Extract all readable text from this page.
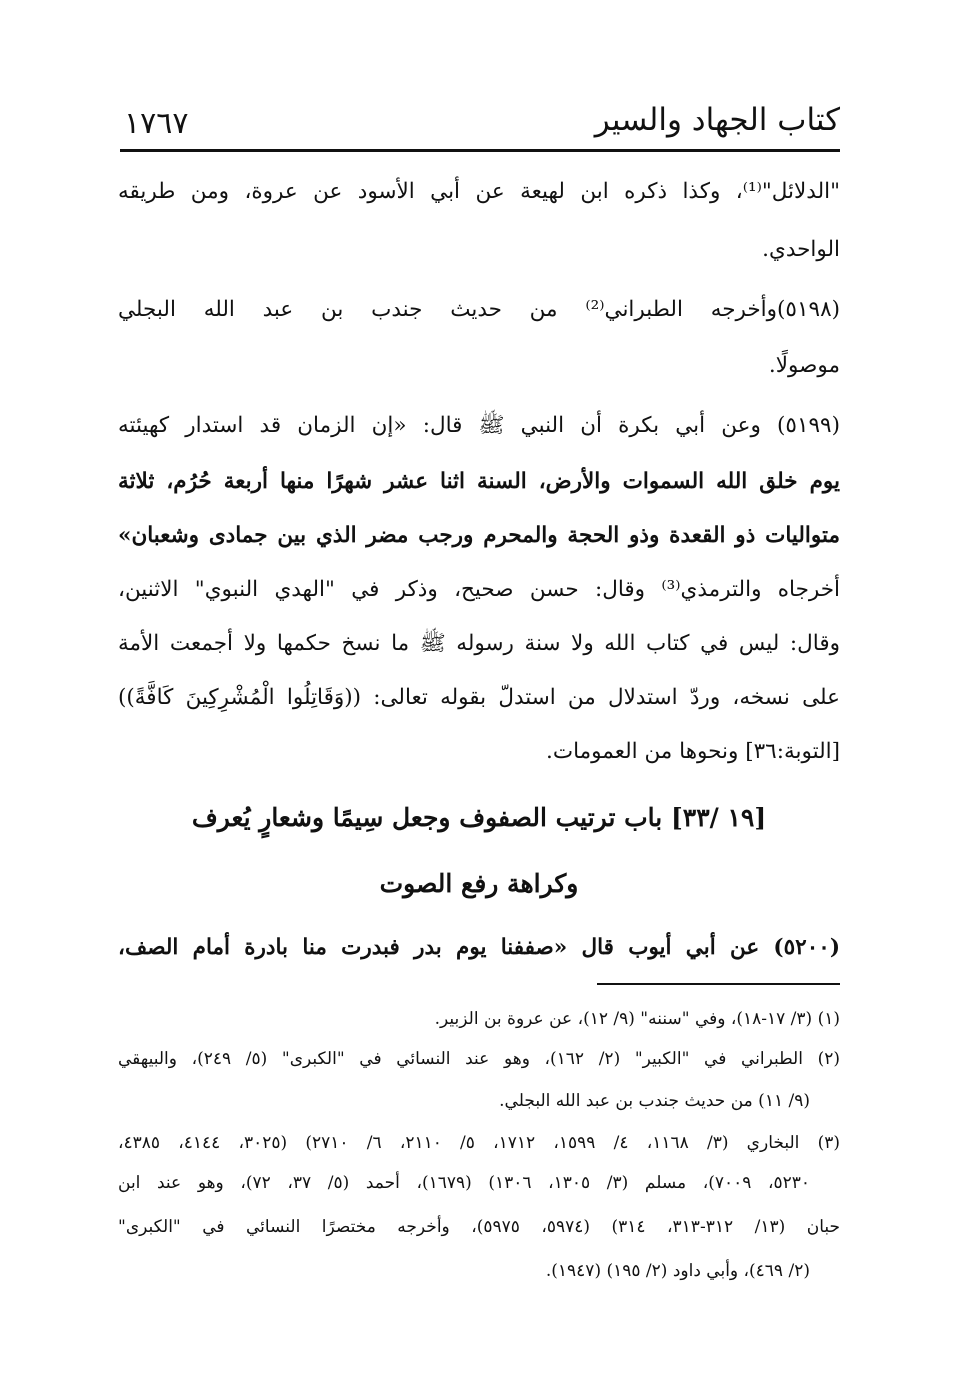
كتاب الجهاد والسير
١٧٦٧
"الدلائل"⁽¹⁾، وكذا ذكره ابن لهيعة عن أبي الأسود عن عروة، ومن طريقه
الواحدي.
(٥١٩٨)وأخرجه الطبراني⁽²⁾ من حديث جندب بن عبد الله البجلي
موصولًا.
(٥١٩٩) وعن أبي بكرة أن النبي ﷺ قال: «إن الزمان قد استدار كهيئته
يوم خلق الله السموات والأرض، السنة اثنا عشر شهرًا منها أربعة حُرُم، ثلاثة
متواليات ذو القعدة وذو الحجة والمحرم ورجب مضر الذي بين جمادى وشعبان»
أخرجاه والترمذي⁽³⁾ وقال: حسن صحيح، وذكر في "الهدي النبوي" الاثنين،
وقال: ليس في كتاب الله ولا سنة رسوله ﷺ ما نسخ حكمها ولا أجمعت الأمة
على نسخه، وردّ استدلال من استدلّ بقوله تعالى: ((وَقَاتِلُوا الْمُشْرِكِينَ كَافَّةً))
[التوبة:٣٦] ونحوها من العمومات.
[١٩ /٣٣] باب ترتيب الصفوف وجعل سِيمًا وشعارٍ يُعرف
وكراهة رفع الصوت
(٥٢٠٠) عن أبي أيوب قال «صففنا يوم بدر فبدرت منا بادرة أمام الصف،
(١) (٣/ ١٧-١٨)، وفي "سننه" (٩/ ١٢)، عن عروة بن الزبير.
(٢) الطبراني في "الكبير" (٢/ ١٦٢)، وهو عند النسائي في "الكبرى" (٥/ ٢٤٩)، والبيهقي
(٩/ ١١) من حديث جندب بن عبد الله البجلي.
(٣) البخاري (٣/ ١١٦٨، ٤/ ١٥٩٩، ١٧١٢، ٥/ ٢١١٠، ٦/ ٢٧١٠) (٣٠٢٥، ٤١٤٤، ٤٣٨٥،
٥٢٣٠، ٧٠٠٩)، مسلم (٣/ ١٣٠٥، ١٣٠٦) (١٦٧٩)، أحمد (٥/ ٣٧، ٧٢)، وهو عند ابن
حبان (١٣/ ٣١٢-٣١٣، ٣١٤) (٥٩٧٤، ٥٩٧٥)، وأخرجه مختصرًا النسائي في "الكبرى"
(٢/ ٤٦٩)، وأبي داود (٢/ ١٩٥) (١٩٤٧).
